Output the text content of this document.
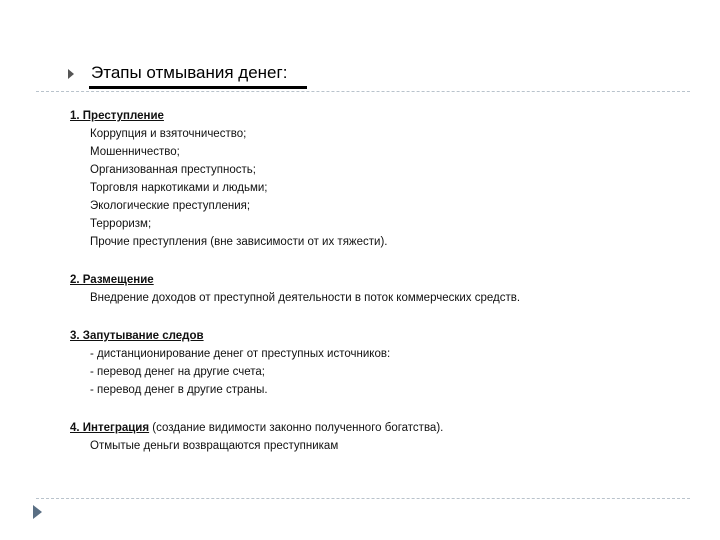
Этапы отмывания денег:
1. Преступление
Коррупция и взяточничество;
Мошенничество;
Организованная преступность;
Торговля наркотиками и людьми;
Экологические преступления;
Терроризм;
Прочие преступления (вне зависимости от их тяжести).
2. Размещение
Внедрение доходов от преступной деятельности в поток коммерческих средств.
3. Запутывание следов
- дистанционирование денег от преступных источников:
- перевод денег на другие счета;
- перевод денег в другие страны.
4. Интеграция (создание видимости законно полученного богатства).
Отмытые деньги возвращаются преступникам
